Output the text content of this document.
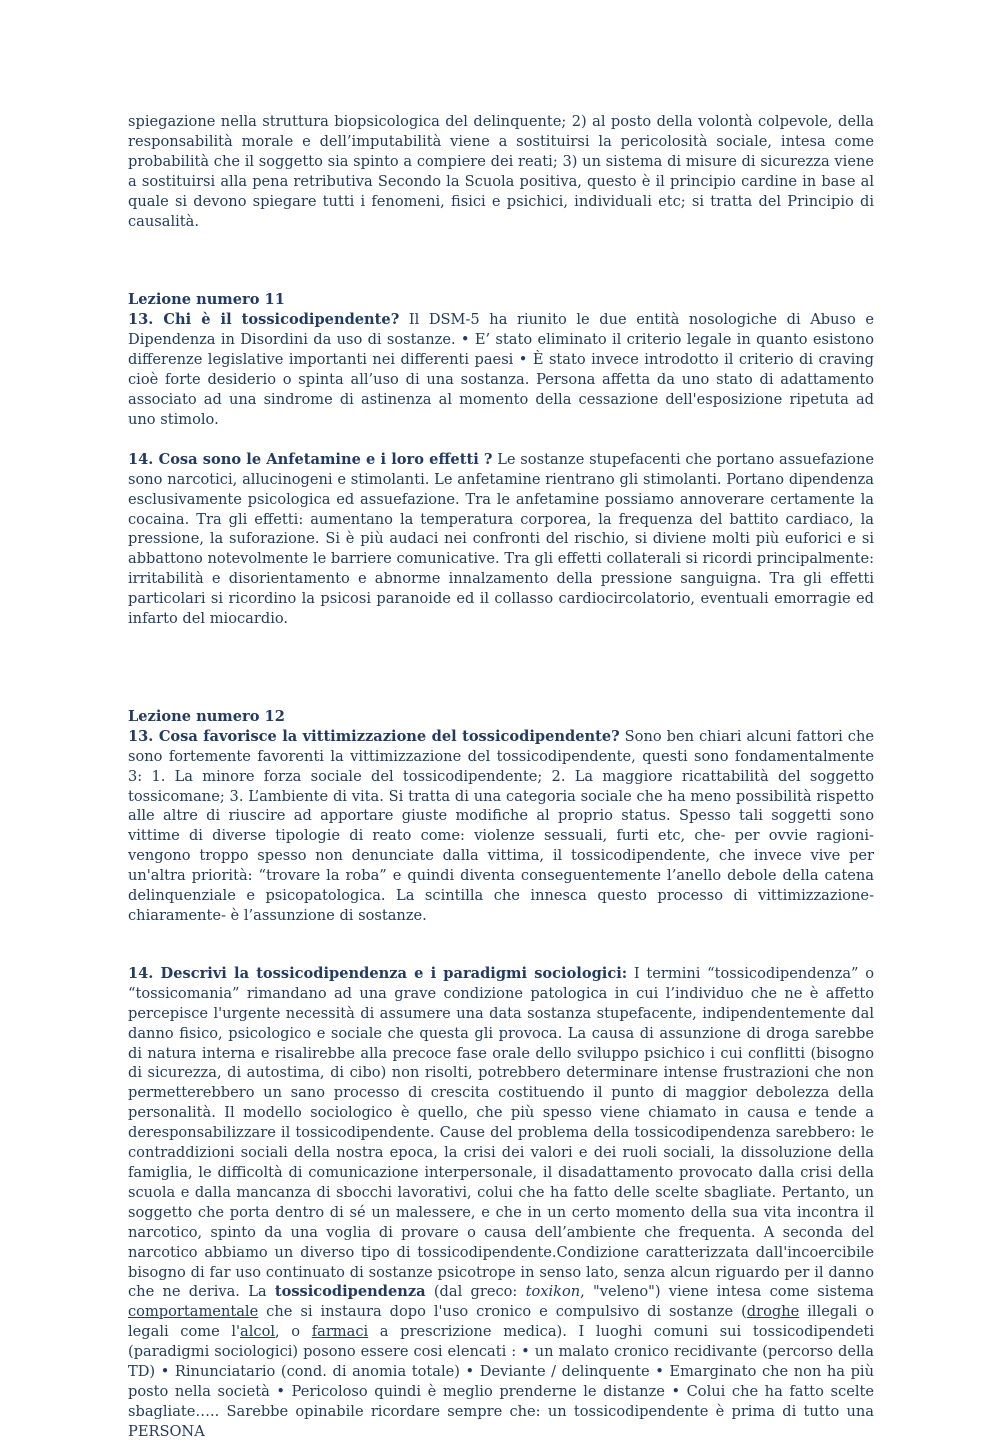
spiegazione nella struttura biopsicologica del delinquente; 2) al posto della volontà colpevole, della responsabilità morale e dell’imputabilità viene a sostituirsi la pericolosità sociale, intesa come probabilità che il soggetto sia spinto a compiere dei reati; 3) un sistema di misure di sicurezza viene a sostituirsi alla pena retributiva Secondo la Scuola positiva, questo è il principio cardine in base al quale si devono spiegare tutti i fenomeni, fisici e psichici, individuali etc; si tratta del Principio di causalità.

Lezione numero 11

13. Chi è il tossicodipendente? Il DSM-5 ha riunito le due entità nosologiche di Abuso e Dipendenza in Disordini da uso di sostanze. • E’ stato eliminato il criterio legale in quanto esistono differenze legislative importanti nei differenti paesi • È stato invece introdotto il criterio di craving cioè forte desiderio o spinta all’uso di una sostanza. Persona affetta da uno stato di adattamento associato ad una sindrome di astinenza al momento della cessazione dell'esposizione ripetuta ad uno stimolo.

14. Cosa sono le Anfetamine e i loro effetti ? Le sostanze stupefacenti che portano assuefazione sono narcotici, allucinogeni e stimolanti. Le anfetamine rientrano gli stimolanti. Portano dipendenza esclusivamente psicologica ed assuefazione. Tra le anfetamine possiamo annoverare certamente la cocaina. Tra gli effetti: aumentano la temperatura corporea, la frequenza del battito cardiaco, la pressione, la suforazione. Si è più audaci nei confronti del rischio, si diviene molti più euforici e si abbattono notevolmente le barriere comunicative. Tra gli effetti collaterali si ricordi principalmente: irritabilità e disorientamento e abnorme innalzamento della pressione sanguigna. Tra gli effetti particolari si ricordino la psicosi paranoide ed il collasso cardiocircolatorio, eventuali emorragie ed infarto del miocardio.

Lezione numero 12

13. Cosa favorisce la vittimizzazione del tossicodipendente? Sono ben chiari alcuni fattori che sono fortemente favorenti la vittimizzazione del tossicodipendente, questi sono fondamentalmente 3: 1. La minore forza sociale del tossicodipendente; 2. La maggiore ricattabilità del soggetto tossicomane; 3. L’ambiente di vita. Si tratta di una categoria sociale che ha meno possibilità rispetto alle altre di riuscire ad apportare giuste modifiche al proprio status. Spesso tali soggetti sono vittime di diverse tipologie di reato come: violenze sessuali, furti etc, che- per ovvie ragioni- vengono troppo spesso non denunciate dalla vittima, il tossicodipendente, che invece vive per un'altra priorità: “trovare la roba” e quindi diventa conseguentemente l’anello debole della catena delinquenziale e psicopatologica. La scintilla che innesca questo processo di vittimizzazione- chiaramente- è l’assunzione di sostanze.

14. Descrivi la tossicodipendenza e i paradigmi sociologici: I termini “tossicodipendenza” o “tossicomania” rimandano ad una grave condizione patologica in cui l’individuo che ne è affetto percepisce l'urgente necessità di assumere una data sostanza stupefacente, indipendentemente dal danno fisico, psicologico e sociale che questa gli provoca. La causa di assunzione di droga sarebbe di natura interna e risalirebbe alla precoce fase orale dello sviluppo psichico i cui conflitti (bisogno di sicurezza, di autostima, di cibo) non risolti, potrebbero determinare intense frustrazioni che non permetterebbero un sano processo di crescita costituendo il punto di maggior debolezza della personalità. Il modello sociologico è quello, che più spesso viene chiamato in causa e tende a deresponsabilizzare il tossicodipendente. Cause del problema della tossicodipendenza sarebbero: le contraddizioni sociali della nostra epoca, la crisi dei valori e dei ruoli sociali, la dissoluzione della famiglia, le difficoltà di comunicazione interpersonale, il disadattamento provocato dalla crisi della scuola e dalla mancanza di sbocchi lavorativi, colui che ha fatto delle scelte sbagliate. Pertanto, un soggetto che porta dentro di sé un malessere, e che in un certo momento della sua vita incontra il narcotico, spinto da una voglia di provare o causa dell’ambiente che frequenta. A seconda del narcotico abbiamo un diverso tipo di tossicodipendente.Condizione caratterizzata dall'incoercibile bisogno di far uso continuato di sostanze psicotrope in senso lato, senza alcun riguardo per il danno che ne deriva. La tossicodipendenza (dal greco: toxikon, "veleno") viene intesa come sistema comportamentale che si instaura dopo l'uso cronico e compulsivo di sostanze (droghe illegali o legali come l'alcol, o farmaci a prescrizione medica). I luoghi comuni sui tossicodipendeti (paradigmi sociologici) posono essere cosi elencati : • un malato cronico recidivante (percorso della TD) • Rinunciatario (cond. di anomia totale) • Deviante / delinquente • Emarginato che non ha più posto nella società • Pericoloso quindi è meglio prenderne le distanze • Colui che ha fatto scelte sbagliate….. Sarebbe opinabile ricordare sempre che: un tossicodipendente è prima di tutto una PERSONA
